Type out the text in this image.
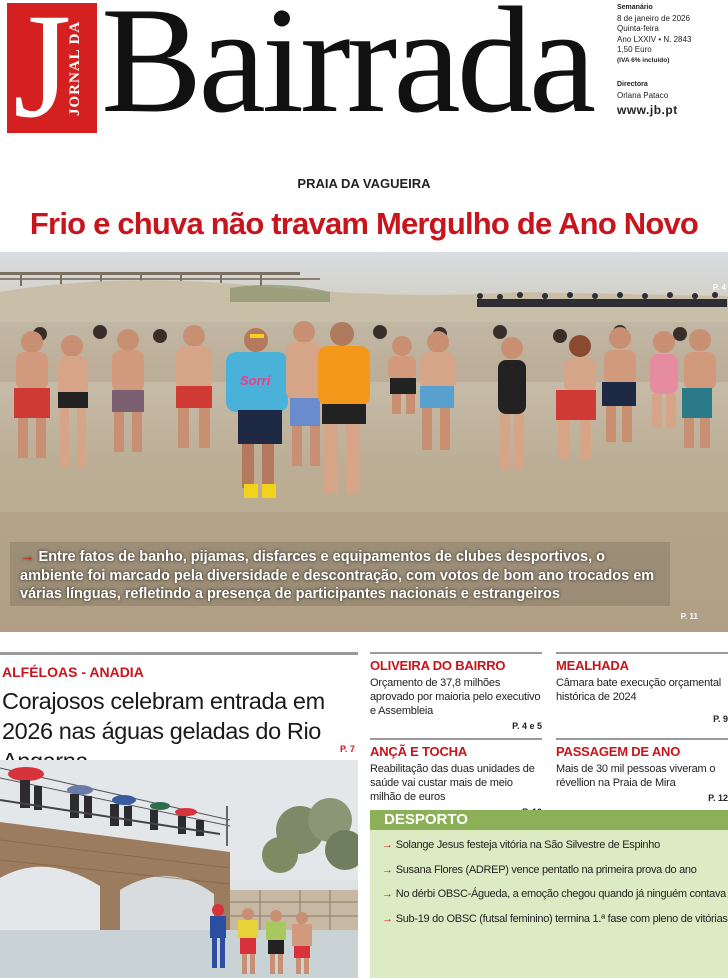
J
JORNAL DA Bairrada	Semanário
8 de janeiro de 2026
Quinta-feira
Ano LXXIV • N. 2843
1,50 Euro
(IVA 6% incluído)
Directora
Orlana Pataco
www.jb.pt
PRAIA DA VAGUEIRA
Frio e chuva não travam Mergulho de Ano Novo
Sorri
P. 4
→ Entre fatos de banho, pijamas, disfarces e equipamentos de clubes desportivos, o ambiente foi marcado pela diversidade e descontração, com votos de bom ano trocados em várias línguas, refletindo a presença de participantes nacionais e estrangeiros
P. 11
ALFÉLOAS - ANADIA
Corajosos celebram entrada em 2026 nas águas geladas do Rio
P. 7
OLIVEIRA DO BAIRRO
Orçamento de 37,8 milhões aprovado por maioria pelo executivo e Assembleia
P. 4 e 5
MEALHADA
Câmara bate execução orçamental histórica de 2024
P. 9
ANÇÃ E TOCHA
Reabilitação das duas unidades de saúde vai custar mais de meio milhão de euros
PASSAGEM DE ANO
Mais de 30 mil pessoas viveram o révellion na Praia de Mira
P. 12
DESPORTO
→ Solange Jesus festeja vitória na São Silvestre de Espinho
→ Susana Flores (ADREP) vence pentatlo na primeira prova do ano
→ No dérbi OBSC-Águeda, a emoção chegou quando já ninguém contava
→ Sub-19 do OBSC (futsal feminino) termina 1.ª fase com pleno de vitórias
